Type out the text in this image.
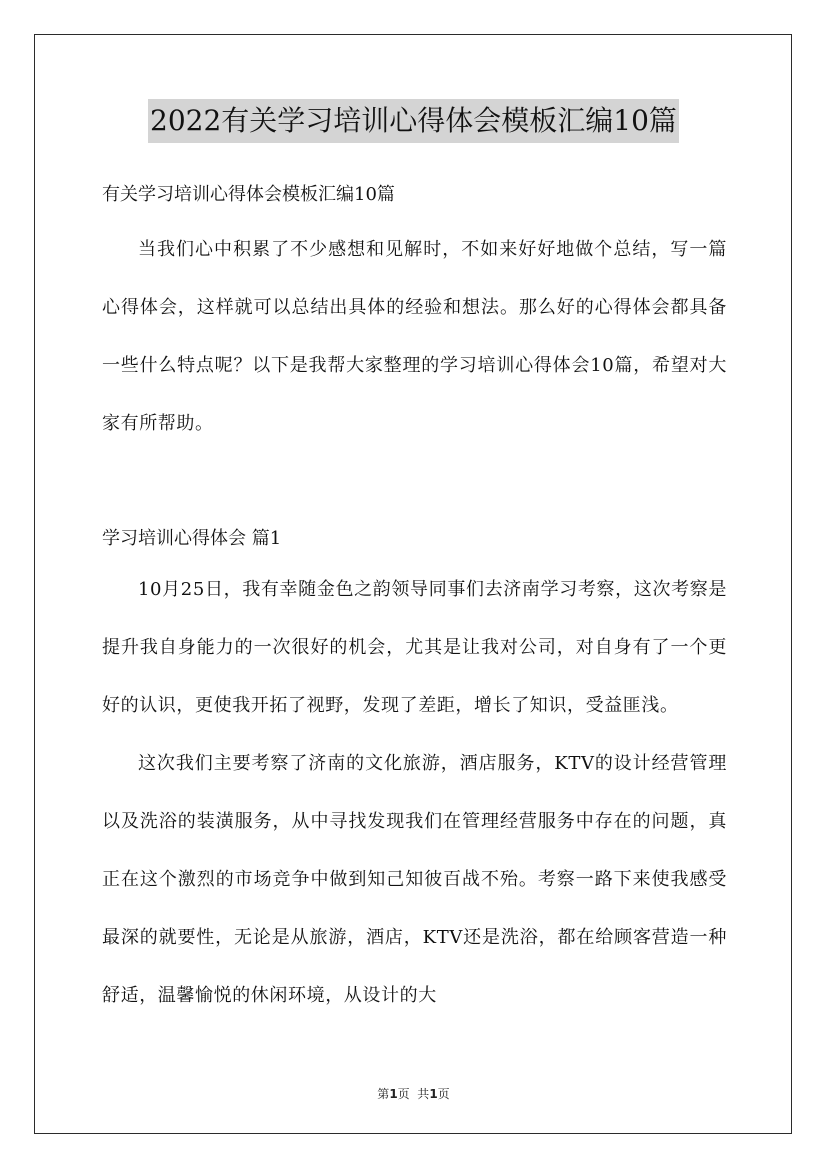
2022有关学习培训心得体会模板汇编10篇
有关学习培训心得体会模板汇编10篇

当我们心中积累了不少感想和见解时，不如来好好地做个总结，写一篇心得体会，这样就可以总结出具体的经验和想法。那么好的心得体会都具备一些什么特点呢？以下是我帮大家整理的学习培训心得体会10篇，希望对大家有所帮助。

学习培训心得体会 篇1

10月25日，我有幸随金色之韵领导同事们去济南学习考察，这次考察是提升我自身能力的一次很好的机会，尤其是让我对公司，对自身有了一个更好的认识，更使我开拓了视野，发现了差距，增长了知识，受益匪浅。

这次我们主要考察了济南的文化旅游，酒店服务，KTV的设计经营管理以及洗浴的装潢服务，从中寻找发现我们在管理经营服务中存在的问题，真正在这个激烈的市场竞争中做到知己知彼百战不殆。考察一路下来使我感受最深的就要性，无论是从旅游，酒店，KTV还是洗浴，都在给顾客营造一种舒适，温馨愉悦的休闲环境，从设计的大

第1页  共1页
